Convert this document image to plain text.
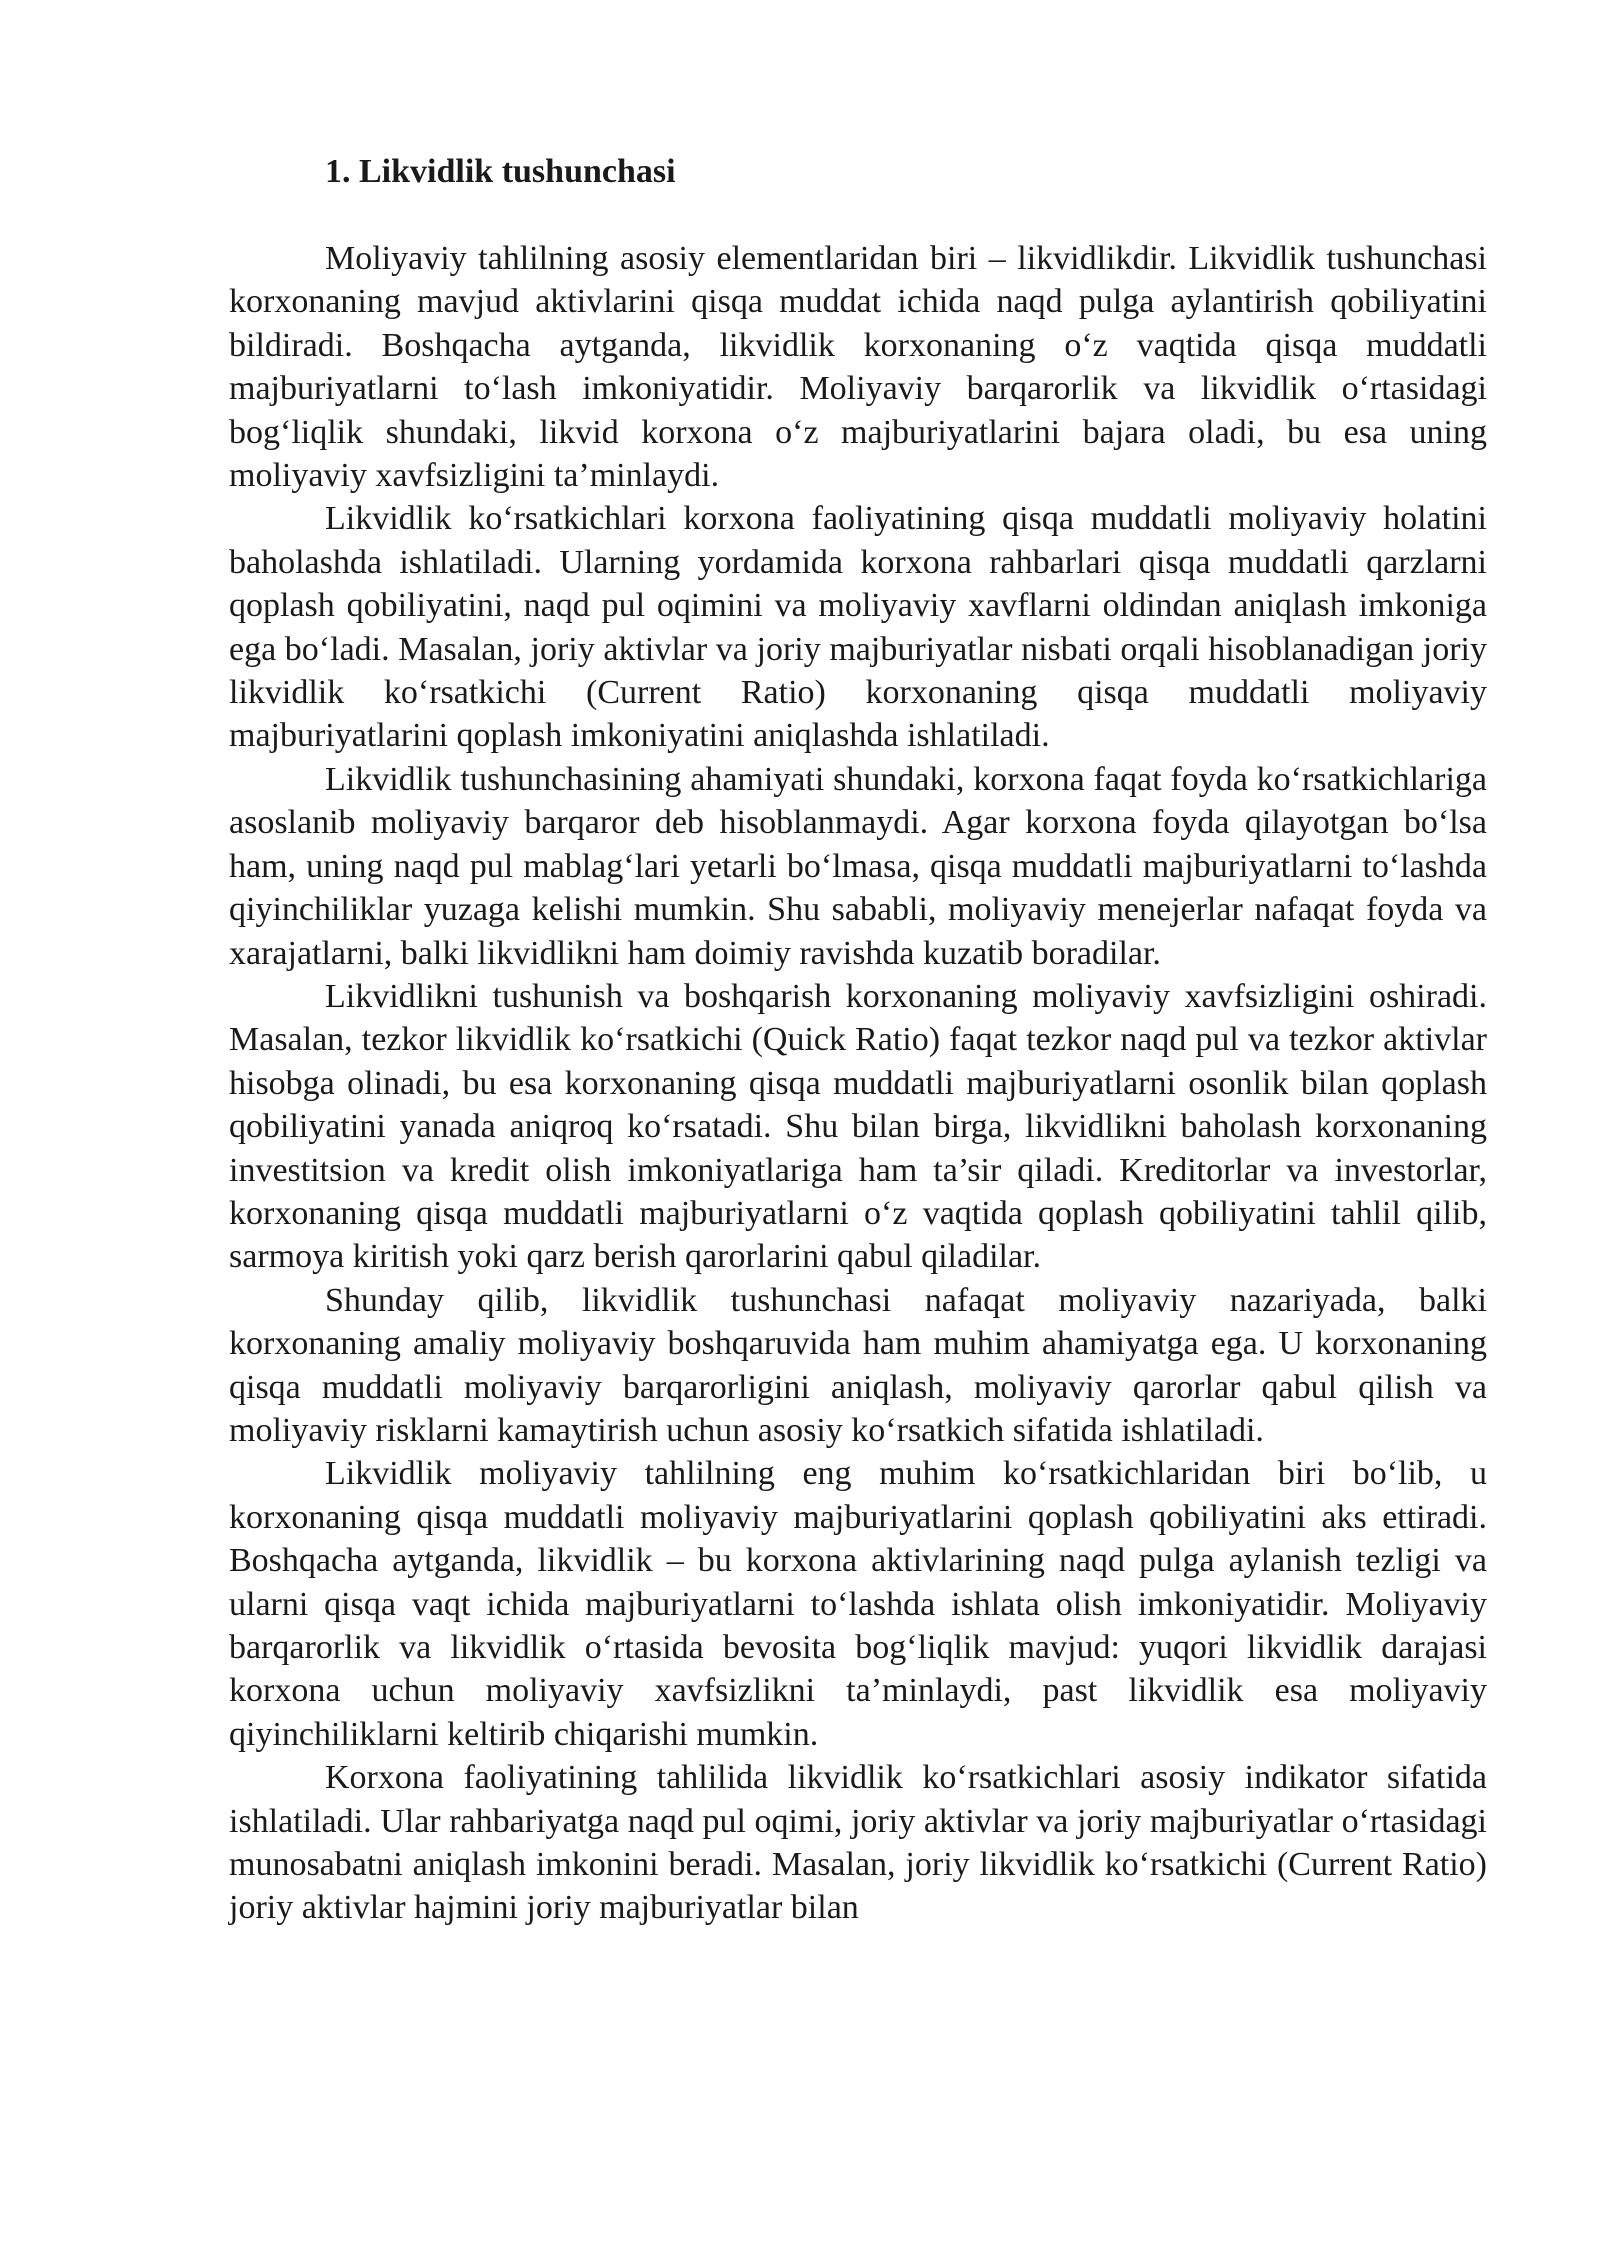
1. Likvidlik tushunchasi

Moliyaviy tahlilning asosiy elementlaridan biri – likvidlikdir. Likvidlik tushunchasi korxonaning mavjud aktivlarini qisqa muddat ichida naqd pulga aylantirish qobiliyatini bildiradi. Boshqacha aytganda, likvidlik korxonaning o‘z vaqtida qisqa muddatli majburiyatlarni to‘lash imkoniyatidir. Moliyaviy barqarorlik va likvidlik o‘rtasidagi bog‘liqlik shundaki, likvid korxona o‘z majburiyatlarini bajara oladi, bu esa uning moliyaviy xavfsizligini ta’minlaydi.

Likvidlik ko‘rsatkichlari korxona faoliyatining qisqa muddatli moliyaviy holatini baholashda ishlatiladi. Ularning yordamida korxona rahbarlari qisqa muddatli qarzlarni qoplash qobiliyatini, naqd pul oqimini va moliyaviy xavflarni oldindan aniqlash imkoniga ega bo‘ladi. Masalan, joriy aktivlar va joriy majburiyatlar nisbati orqali hisoblanadigan joriy likvidlik ko‘rsatkichi (Current Ratio) korxonaning qisqa muddatli moliyaviy majburiyatlarini qoplash imkoniyatini aniqlashda ishlatiladi.

Likvidlik tushunchasining ahamiyati shundaki, korxona faqat foyda ko‘rsatkichlariga asoslanib moliyaviy barqaror deb hisoblanmaydi. Agar korxona foyda qilayotgan bo‘lsa ham, uning naqd pul mablag‘lari yetarli bo‘lmasa, qisqa muddatli majburiyatlarni to‘lashda qiyinchiliklar yuzaga kelishi mumkin. Shu sababli, moliyaviy menejerlar nafaqat foyda va xarajatlarni, balki likvidlikni ham doimiy ravishda kuzatib boradilar.

Likvidlikni tushunish va boshqarish korxonaning moliyaviy xavfsizligini oshiradi. Masalan, tezkor likvidlik ko‘rsatkichi (Quick Ratio) faqat tezkor naqd pul va tezkor aktivlar hisobga olinadi, bu esa korxonaning qisqa muddatli majburiyatlarni osonlik bilan qoplash qobiliyatini yanada aniqroq ko‘rsatadi. Shu bilan birga, likvidlikni baholash korxonaning investitsion va kredit olish imkoniyatlariga ham ta’sir qiladi. Kreditorlar va investorlar, korxonaning qisqa muddatli majburiyatlarni o‘z vaqtida qoplash qobiliyatini tahlil qilib, sarmoya kiritish yoki qarz berish qarorlarini qabul qiladilar.

Shunday qilib, likvidlik tushunchasi nafaqat moliyaviy nazariyada, balki korxonaning amaliy moliyaviy boshqaruvida ham muhim ahamiyatga ega. U korxonaning qisqa muddatli moliyaviy barqarorligini aniqlash, moliyaviy qarorlar qabul qilish va moliyaviy risklarni kamaytirish uchun asosiy ko‘rsatkich sifatida ishlatiladi.

Likvidlik moliyaviy tahlilning eng muhim ko‘rsatkichlaridan biri bo‘lib, u korxonaning qisqa muddatli moliyaviy majburiyatlarini qoplash qobiliyatini aks ettiradi. Boshqacha aytganda, likvidlik – bu korxona aktivlarining naqd pulga aylanish tezligi va ularni qisqa vaqt ichida majburiyatlarni to‘lashda ishlata olish imkoniyatidir. Moliyaviy barqarorlik va likvidlik o‘rtasida bevosita bog‘liqlik mavjud: yuqori likvidlik darajasi korxona uchun moliyaviy xavfsizlikni ta’minlaydi, past likvidlik esa moliyaviy qiyinchiliklarni keltirib chiqarishi mumkin.

Korxona faoliyatining tahlilida likvidlik ko‘rsatkichlari asosiy indikator sifatida ishlatiladi. Ular rahbariyatga naqd pul oqimi, joriy aktivlar va joriy majburiyatlar o‘rtasidagi munosabatni aniqlash imkonini beradi. Masalan, joriy likvidlik ko‘rsatkichi (Current Ratio) joriy aktivlar hajmini joriy majburiyatlar bilan
